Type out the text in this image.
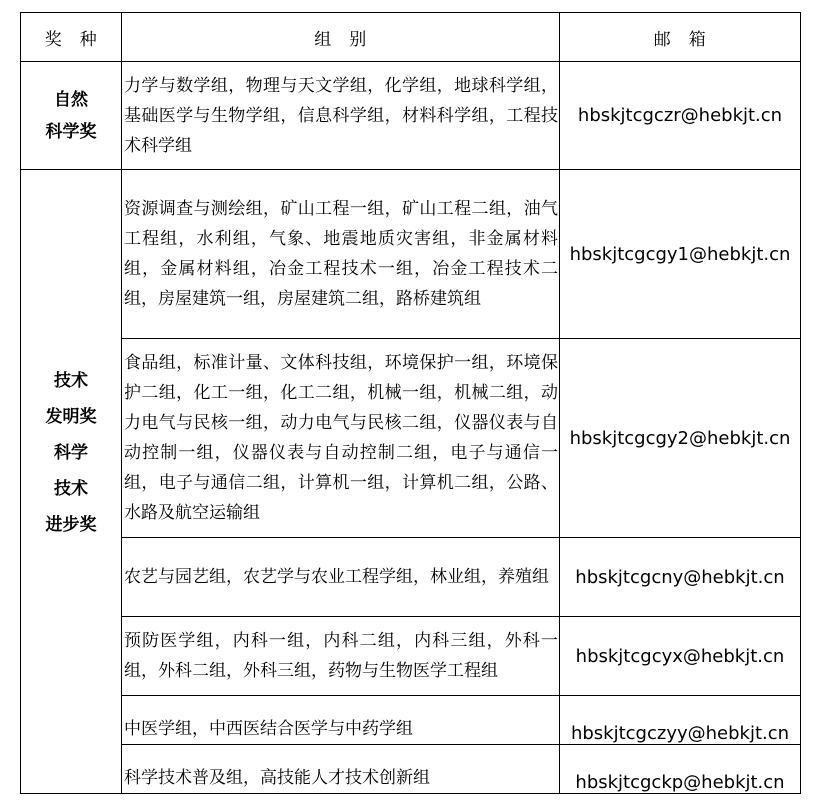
奖　种	组　别	邮　箱

自然
科学奖	力学与数学组，物理与天文学组，化学组，地球科学组，基础医学与生物学组，信息科学组，材料科学组，工程技术科学组	hbskjtcgczr@hebkjt.cn

技术
发明奖
科学
技术
进步奖	资源调查与测绘组，矿山工程一组，矿山工程二组，油气工程组，水利组，气象、地震地质灾害组，非金属材料组，金属材料组，冶金工程技术一组，冶金工程技术二组，房屋建筑一组，房屋建筑二组，路桥建筑组	hbskjtcgcgy1@hebkjt.cn
	食品组，标准计量、文体科技组，环境保护一组，环境保护二组，化工一组，化工二组，机械一组，机械二组，动力电气与民核一组，动力电气与民核二组，仪器仪表与自动控制一组，仪器仪表与自动控制二组，电子与通信一组，电子与通信二组，计算机一组，计算机二组，公路、水路及航空运输组	hbskjtcgcgy2@hebkjt.cn
	农艺与园艺组，农艺学与农业工程学组，林业组，养殖组	hbskjtcgcny@hebkjt.cn
	预防医学组，内科一组，内科二组，内科三组，外科一组，外科二组，外科三组，药物与生物医学工程组	hbskjtcgcyx@hebkjt.cn
	中医学组，中西医结合医学与中药学组	hbskjtcgczyy@hebkjt.cn
	科学技术普及组，高技能人才技术创新组	hbskjtcgckp@hebkjt.cn
